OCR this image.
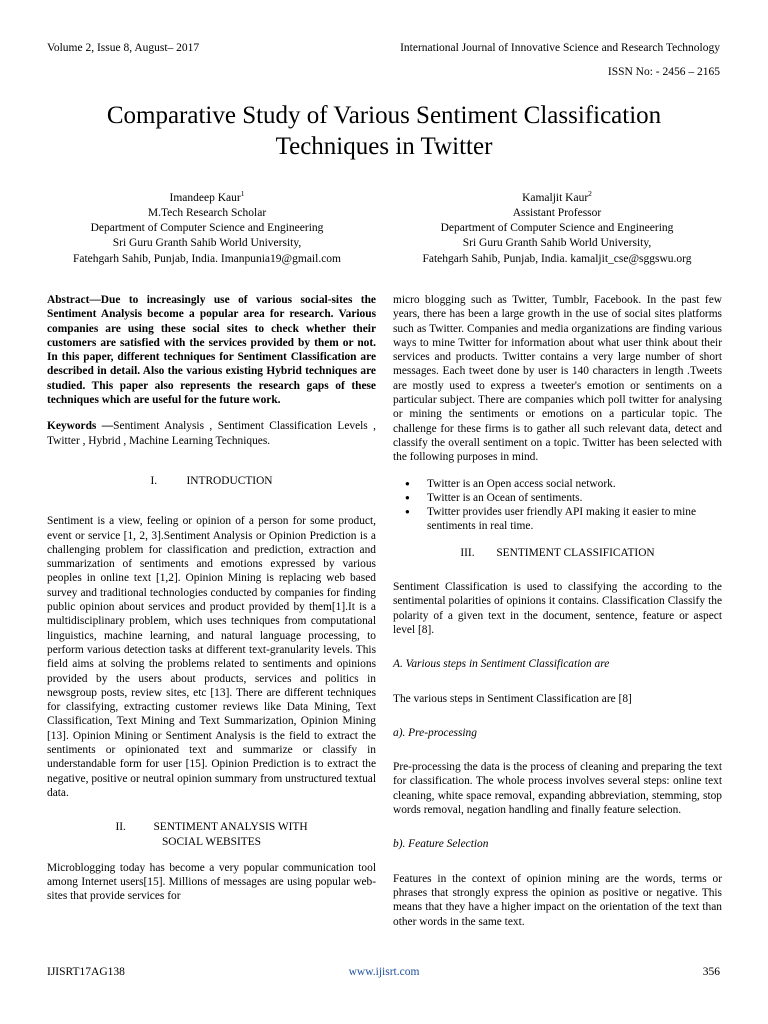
Volume 2, Issue 8, August– 2017	International Journal of Innovative Science and Research Technology
ISSN No: - 2456 – 2165
Comparative Study of Various Sentiment Classification
Techniques in Twitter
Imandeep Kaur$^1$
M.Tech Research Scholar
Department of Computer Science and Engineering
Sri Guru Granth Sahib World University,
Fatehgarh Sahib, Punjab, India. Imanpunia19@gmail.com
Kamaljit Kaur$^2$
Assistant Professor
Department of Computer Science and Engineering
Sri Guru Granth Sahib World University,
Fatehgarh Sahib, Punjab, India. kamaljit_cse@sggswu.org

Abstract—Due to increasingly use of various social-sites the Sentiment Analysis become a popular area for research. Various companies are using these social sites to check whether their customers are satisfied with the services provided by them or not. In this paper, different techniques for Sentiment Classification are described in detail. Also the various existing Hybrid techniques are studied. This paper also represents the research gaps of these techniques which are useful for the future work.

Keywords —Sentiment Analysis , Sentiment Classification Levels , Twitter , Hybrid , Machine Learning Techniques.

I.	INTRODUCTION

Sentiment is a view, feeling or opinion of a person for some product, event or service [1, 2, 3].Sentiment Analysis or Opinion Prediction is a challenging problem for classification and prediction, extraction and summarization of sentiments and emotions expressed by various peoples in online text [1,2]. Opinion Mining is replacing web based survey and traditional technologies conducted by companies for finding public opinion about services and product provided by them[1].It is a multidisciplinary problem, which uses techniques from computational linguistics, machine learning, and natural language processing, to perform various detection tasks at different text-granularity levels. This field aims at solving the problems related to sentiments and opinions provided by the users about products, services and politics in newsgroup posts, review sites, etc [13]. There are different techniques for classifying, extracting customer reviews like Data Mining, Text Classification, Text Mining and Text Summarization, Opinion Mining [13]. Opinion Mining or Sentiment Analysis is the field to extract the sentiments or opinionated text and summarize or classify in understandable form for user [15]. Opinion Prediction is to extract the negative, positive or neutral opinion summary from unstructured textual data.

II. SENTIMENT ANALYSIS WITH
SOCIAL WEBSITES

Microblogging today has become a very popular communication tool among Internet users[15]. Millions of messages are using popular web-sites that provide services for

micro blogging such as Twitter, Tumblr, Facebook. In the past few years, there has been a large growth in the use of social sites platforms such as Twitter. Companies and media organizations are finding various ways to mine Twitter for information about what user think about their services and products. Twitter contains a very large number of short messages. Each tweet done by user is 140 characters in length .Tweets are mostly used to express a tweeter's emotion or sentiments on a particular subject. There are companies which poll twitter for analysing or mining the sentiments or emotions on a particular topic. The challenge for these firms is to gather all such relevant data, detect and classify the overall sentiment on a topic. Twitter has been selected with the following purposes in mind.

● Twitter is an Open access social network.
● Twitter is an Ocean of sentiments.
● Twitter provides user friendly API making it easier to mine sentiments in real time.

III. SENTIMENT CLASSIFICATION

Sentiment Classification is used to classifying the according to the sentimental polarities of opinions it contains. Classification Classify the polarity of a given text in the document, sentence, feature or aspect level [8].

A. Various steps in Sentiment Classification are

The various steps in Sentiment Classification are [8]

a). Pre-processing

Pre-processing the data is the process of cleaning and preparing the text for classification. The whole process involves several steps: online text cleaning, white space removal, expanding abbreviation, stemming, stop words removal, negation handling and finally feature selection.

b). Feature Selection

Features in the context of opinion mining are the words, terms or phrases that strongly express the opinion as positive or negative. This means that they have a higher impact on the orientation of the text than other words in the same text.

IJISRT17AG138	www.ijisrt.com	356
